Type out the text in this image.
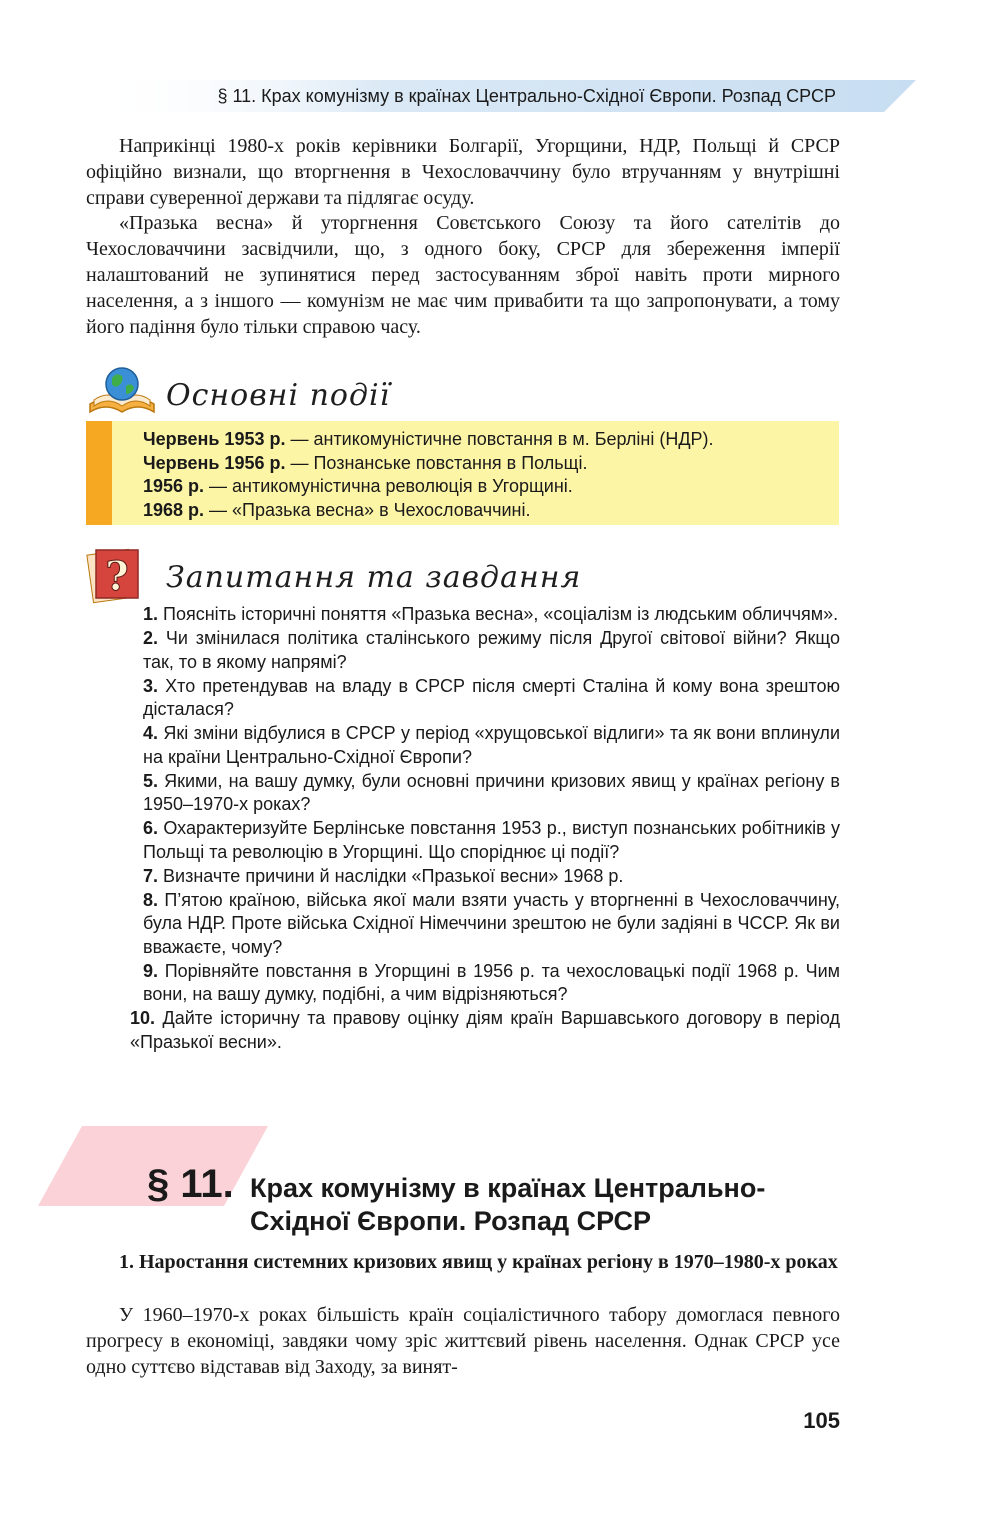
§ 11. Крах комунізму в країнах Центрально-Східної Європи. Розпад СРСР

Наприкінці 1980-х років керівники Болгарії, Угорщини, НДР, Польщі й СРСР офіційно визнали, що вторгнення в Чехословаччину було втручанням у внутрішні справи суверенної держави та підлягає осуду.

«Празька весна» й уторгнення Совєтського Союзу та його сателітів до Чехословаччини засвідчили, що, з одного боку, СРСР для збереження імперії налаштований не зупинятися перед застосуванням зброї навіть проти мирного населення, а з іншого — комунізм не має чим привабити та що запропонувати, а тому його падіння було тільки справою часу.

Основні події
Червень 1953 р. — антикомуністичне повстання в м. Берліні (НДР).
Червень 1956 р. — Познанське повстання в Польщі.
1956 р. — антикомуністична революція в Угорщині.
1968 р. — «Празька весна» в Чехословаччині.
? Запитання та завдання
1. Поясніть історичні поняття «Празька весна», «соціалізм із людським обличчям».
2. Чи змінилася політика сталінського режиму після Другої світової війни? Якщо так, то в якому напрямі?
3. Хто претендував на владу в СРСР після смерті Сталіна й кому вона зрештою дісталася?
4. Які зміни відбулися в СРСР у період «хрущовської відлиги» та як вони вплинули на країни Центрально-Східної Європи?
5. Якими, на вашу думку, були основні причини кризових явищ у країнах регіону в 1950–1970-х роках?
6. Охарактеризуйте Берлінське повстання 1953 р., виступ познанських робітників у Польщі та революцію в Угорщині. Що споріднює ці події?
7. Визначте причини й наслідки «Празької весни» 1968 р.
8. П’ятою країною, війська якої мали взяти участь у вторгненні в Чехословаччину, була НДР. Проте війська Східної Німеччини зрештою не були задіяні в ЧССР. Як ви вважаєте, чому?
9. Порівняйте повстання в Угорщині в 1956 р. та чехословацькі події 1968 р. Чим вони, на вашу думку, подібні, а чим відрізняються?
10. Дайте історичну та правову оцінку діям країн Варшавського договору в період «Празької весни».
§ 11. Крах комунізму в країнах Центрально-
Східної Європи. Розпад СРСР
1. Наростання системних кризових явищ у країнах регіону в 1970–1980-х роках

У 1960–1970-х роках більшість країн соціалістичного табору домоглася певного прогресу в економіці, завдяки чому зріс життєвий рівень населення. Однак СРСР усе одно суттєво відставав від Заходу, за винят-

105
